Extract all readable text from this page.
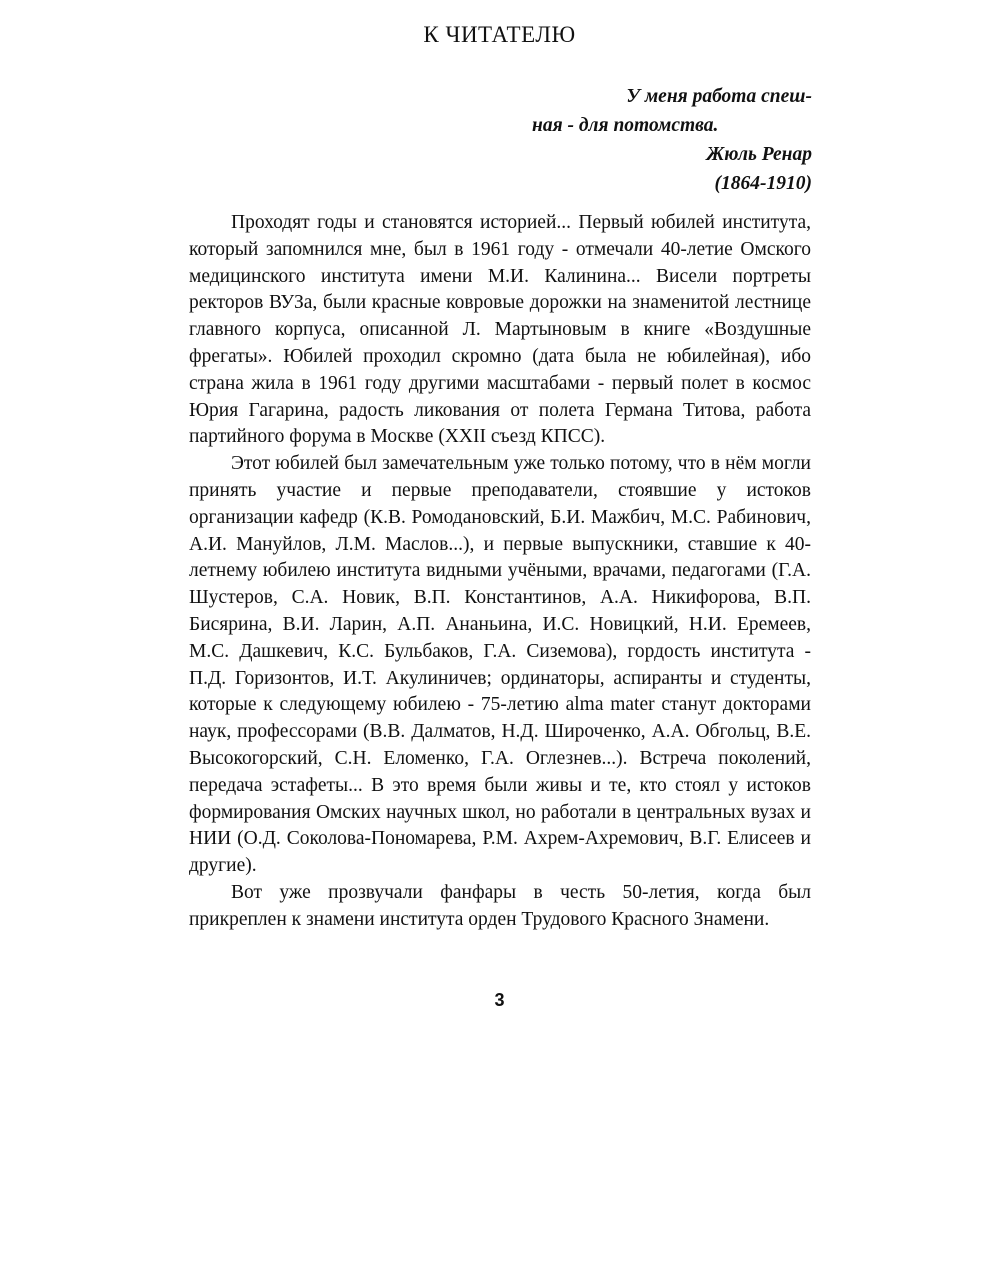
К ЧИТАТЕЛЮ
У меня работа спеш-
ная - для потомства.
Жюль Ренар
(1864-1910)

Проходят годы и становятся историей... Первый юбилей института, который запомнился мне, был в 1961 году - отмечали 40-летие Омского медицинского института имени М.И. Калинина... Висели портреты ректоров ВУЗа, были красные ковровые дорожки на знаменитой лестнице главного корпуса, описанной Л. Мартыновым в книге «Воздушные фрегаты». Юбилей проходил скромно (дата была не юбилейная), ибо страна жила в 1961 году другими масштабами - первый полет в космос Юрия Гагарина, радость ликования от полета Германа Титова, работа партийного форума в Москве (XXII съезд КПСС).

Этот юбилей был замечательным уже только потому, что в нём могли принять участие и первые преподаватели, стоявшие у истоков организации кафедр (К.В. Ромодановский, Б.И. Мажбич, М.С. Рабинович, А.И. Мануйлов, Л.М. Маслов...), и первые выпускники, ставшие к 40-летнему юбилею института видными учёными, врачами, педагогами (Г.А. Шустеров, С.А. Новик, В.П. Константинов, А.А. Никифорова, В.П. Бисярина, В.И. Ларин, А.П. Ананьина, И.С. Новицкий, Н.И. Еремеев, М.С. Дашкевич, К.С. Бульбаков, Г.А. Сиземова), гордость института - П.Д. Горизонтов, И.Т. Акулиничев; ординаторы, аспиранты и студенты, которые к следующему юбилею - 75-летию alma mater станут докторами наук, профессорами (В.В. Далматов, Н.Д. Широченко, А.А. Обгольц, В.Е. Высокогорский, С.Н. Еломенко, Г.А. Оглезнев...). Встреча поколений, передача эстафеты... В это время были живы и те, кто стоял у истоков формирования Омских научных школ, но работали в центральных вузах и НИИ (О.Д. Соколова-Пономарева, Р.М. Ахрем-Ахремович, В.Г. Елисеев и другие).

Вот уже прозвучали фанфары в честь 50-летия, когда был прикреплен к знамени института орден Трудового Красного Знамени.

3
